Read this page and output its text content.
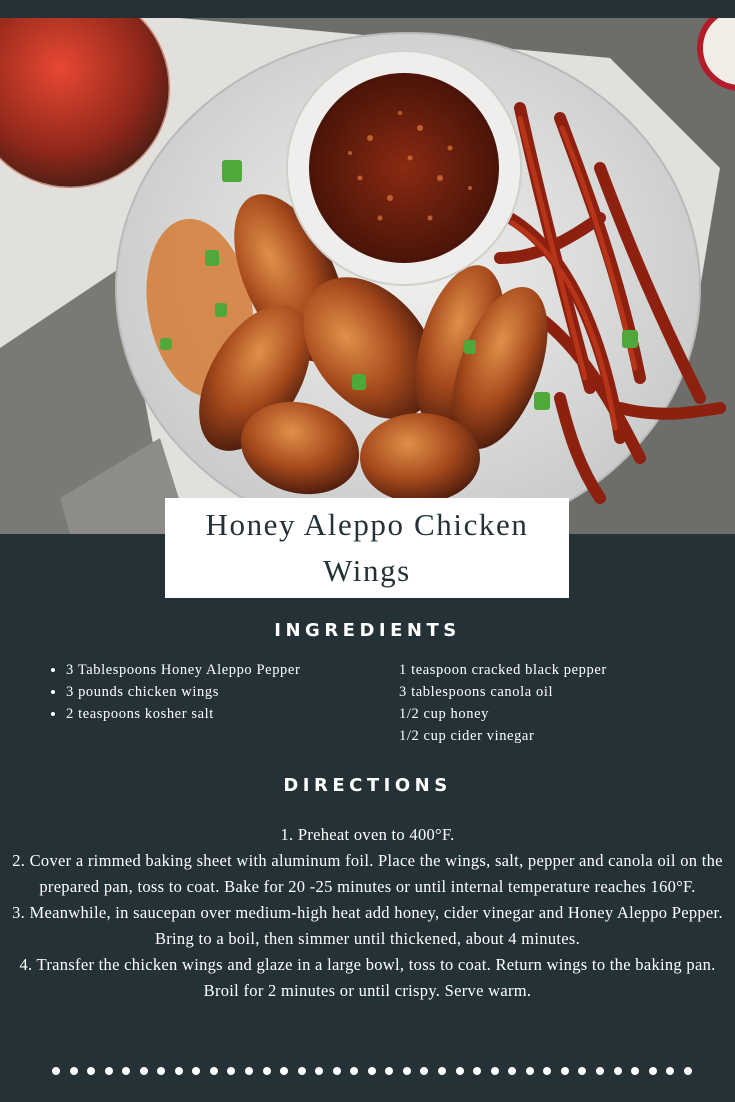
Honey Aleppo Chicken Wings
INGREDIENTS
• 3 Tablespoons Honey Aleppo Pepper
• 3 pounds chicken wings
• 2 teaspoons kosher salt
1 teaspoon cracked black pepper
3 tablespoons canola oil
1/2 cup honey
1/2 cup cider vinegar
DIRECTIONS
1. Preheat oven to 400°F.
2. Cover a rimmed baking sheet with aluminum foil. Place the wings, salt, pepper and canola oil on the prepared pan, toss to coat. Bake for 20 -25 minutes or until internal temperature reaches 160°F.
3. Meanwhile, in saucepan over medium-high heat add honey, cider vinegar and Honey Aleppo Pepper. Bring to a boil, then simmer until thickened, about 4 minutes.
4. Transfer the chicken wings and glaze in a large bowl, toss to coat. Return wings to the baking pan. Broil for 2 minutes or until crispy. Serve warm.
